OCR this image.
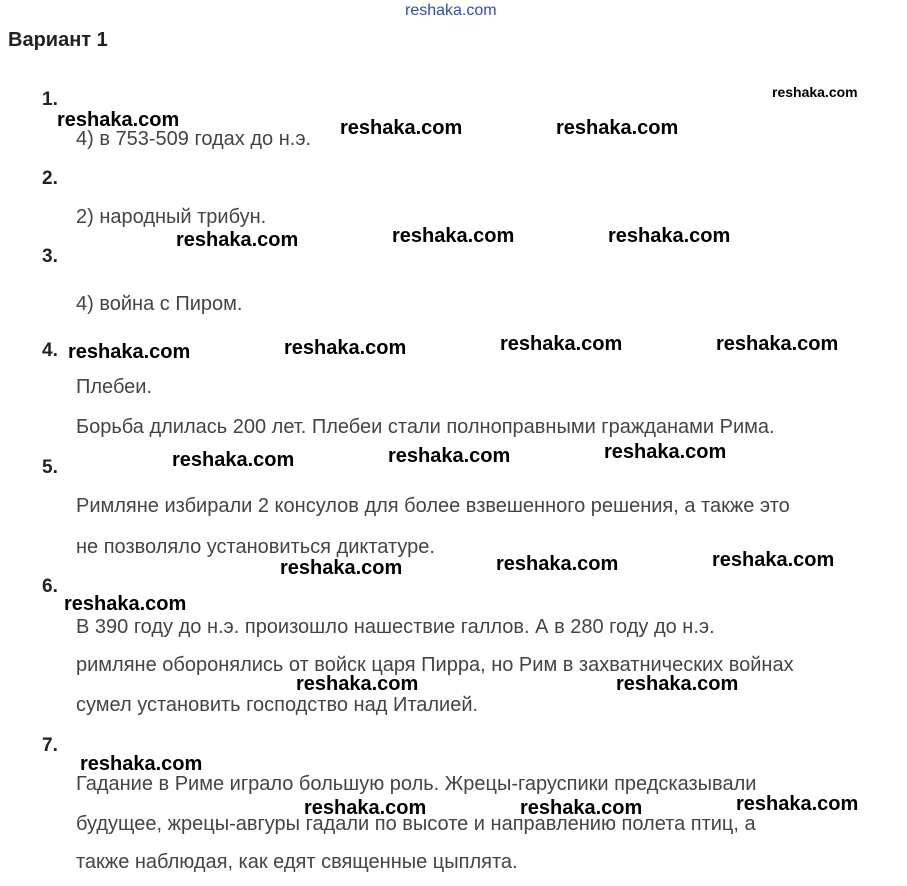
reshaka.com
Вариант 1
1.
4) в 753-509 годах до н.э.
2.
2) народный трибун.
3.
4) война с Пиром.
4.
Плебеи.
Борьба длилась 200 лет. Плебеи стали полноправными гражданами Рима.
5.
Римляне избирали 2 консулов для более взвешенного решения, а также это
не позволяло установиться диктатуре.
6.
В 390 году до н.э. произошло нашествие галлов. А в 280 году до н.э.
римляне оборонялись от войск царя Пирра, но Рим в захватнических войнах
сумел установить господство над Италией.
7.
Гадание в Риме играло большую роль. Жрецы-гаруспики предсказывали
будущее, жрецы-авгуры гадали по высоте и направлению полета птиц, а
также наблюдая, как едят священные цыплята.
reshaka.com
reshaka.com	reshaka.com	reshaka.com
reshaka.com	reshaka.com	reshaka.com
reshaka.com	reshaka.com	reshaka.com	reshaka.com
reshaka.com	reshaka.com	reshaka.com
reshaka.com	reshaka.com	reshaka.com
reshaka.com
reshaka.com	reshaka.com
reshaka.com
reshaka.com	reshaka.com	reshaka.com
